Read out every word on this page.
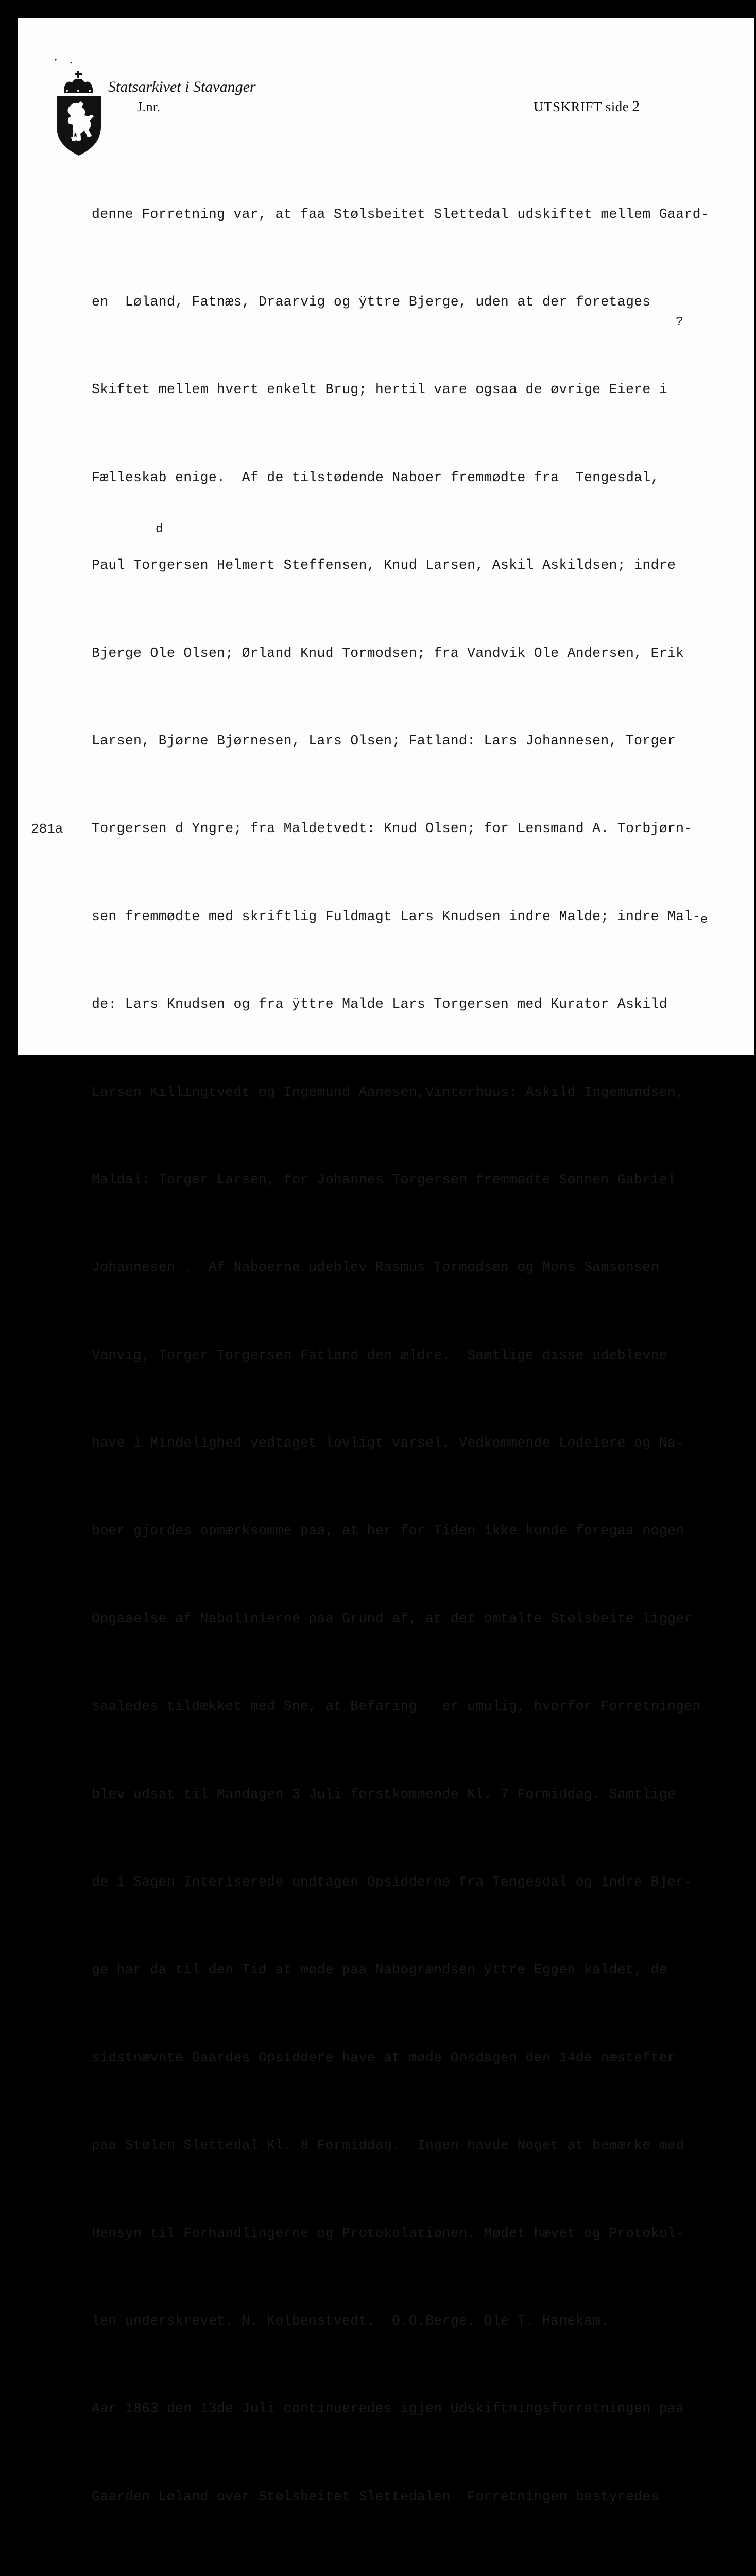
Statsarkivet i Stavanger
J.nr.	UTSKRIFT side 2
?
d
e

denne Forretning var, at faa Stølsbeitet Slettedal udskiftet mellem Gaard-

en  Løland, Fatnæs, Draarvig og ÿttre Bjerge, uden at der foretages

Skiftet mellem hvert enkelt Brug; hertil vare ogsaa de øvrige Eiere i

Fælleskab enige.  Af de tilstødende Naboer fremmødte fra  Tengesdal,

Paul Torgersen Helmert Steffensen, Knud Larsen, Askil Askildsen; indre

Bjerge Ole Olsen; Ørland Knud Tormodsen; fra Vandvik Ole Andersen, Erik

Larsen, Bjørne Bjørnesen, Lars Olsen; Fatland: Lars Johannesen, Torger

Torgersen d Yngre; fra Maldetvedt: Knud Olsen; for Lensmand A. Torbjørn-

sen fremmødte med skriftlig Fuldmagt Lars Knudsen indre Malde; indre Mal-

de: Lars Knudsen og fra ÿttre Malde Lars Torgersen med Kurator Askild

Larsen Killingtvedt og Ingemund Aanesen,Vinterhuus: Askild Ingemundsen,

Maldal: Torger Larsen, for Johannes Torgersen fremmødte Sønnen Gabriel

Johannesen .  Af Naboerne udeblev Rasmus Tormodsen og Mons Samsonsen

Vanvig, Torger Torgersen Fatland den ældre.  Samtlige disse udeblevne

have i Mindelighed vedtaget lovligt varsel. Vedkommende Lodeiere og Na-

boer gjordes opmærksomme paa, at her for Tiden ikke kunde foregaa nogen

Opgaaelse af Nabolinierne paa Grund af, at det omtalte Stølsbeite ligger

saaledes tildækket med Sne, at Befaring   er umulig, hvorfor Forretningen

blev udsat til Mandagen 3 Juli førstkommende Kl. 7 Formiddag. Samtlige

de i Sagen Interiserede undtagen Opsidderne fra Tengesdal og indre Bjer-

ge har da til den Tid at møde paa Nabogrændsen ÿttre Eggen kaldet, de

sidstnævnte Gaardes Opsiddere have at møde Onsdagen den 14de næstefter

paa Stølen Slettedal Kl. 8 Formiddag.  Ingen havde Noget at bemærke med

Hensyn til Forhandlingerne og Protokolationen. Mødet hævet og Protokol-

len underskrevet. N. Kolbenstvedt.  O.O.Berge. Ole T. Hanekam.

Aar 1863 den 13de Juli continueredes igjen Udskiftningsforretningen paa

Gaarden Løland over Stølsbeitet Slettedalen  Forretningen bestyredes

281a
